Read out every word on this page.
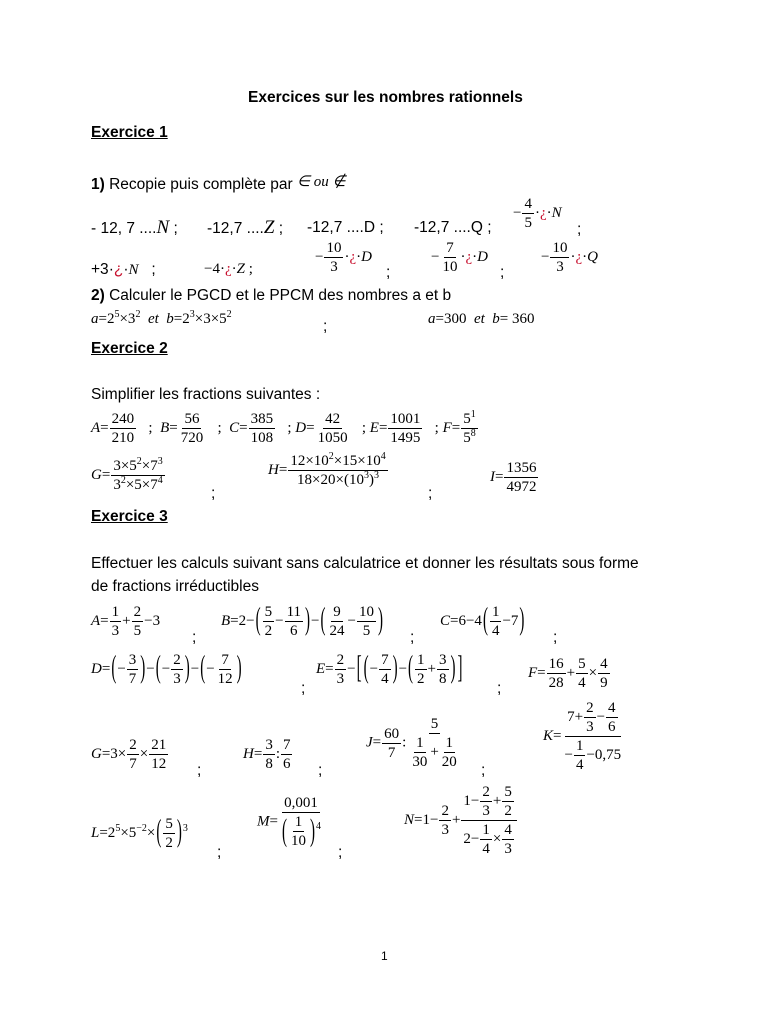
Exercices sur les nombres rationnels
Exercice 1
1) Recopie puis complète par ∈ ou ∉
- 12, 7 ....N ; -12,7 ....Z ; -12,7 ....D ; -12,7 ....Q ;
− $\frac{4}{5}$ ·¿·N
;
+3·¿·N   ;	−4·¿·Z ;
− $\frac{10}{3}$ ·¿·D
;
− $\frac{7}{10}$ ·¿·D
;
− $\frac{10}{3}$ ·¿·Q
2) Calculer le PGCD et le PPCM des nombres a et b
$a=2^5\times 3^2$  et  $b=2^3\times 3\times 5^2$
;	a=300  et  b= 360
Exercice 2
Simplifier les fractions suivantes :
$A= \frac{240}{210}$ ;  $B= \frac{56}{720}$ ;  $C= \frac{385}{108}$ ; $D= \frac{42}{1050}$ ; $E= \frac{1001}{1495}$ ; $F= \frac{5^1}{5^8}$
$G= \frac{3\times 5^2\times 7^3}{3^2\times 5\times 7^4}$
;
$H= \frac{12\times 10^2\times 15\times 10^4}{18\times 20\times(10^3)^3}$
;
$I= \frac{1356}{4972}$
Exercice 3
Effectuer les calculs suivant sans calculatrice et donner les résultats sous forme
de fractions irréductibles
$A= \frac{1}{3} + \frac{2}{5} -3$
;
$B=2-( \frac{5}{2} - \frac{11}{6}$ )−( $\frac{9}{24} - \frac{10}{5}$ )
;
$C=6-4( \frac{1}{4} -7)$
;
$D=(- \frac{3}{7}$ )−(− $\frac{2}{3}$ )−(− $\frac{7}{12}$ )
;
$E= \frac{2}{3}$ −[ (− $\frac{7}{4}$ )−( $\frac{1}{2} + \frac{3}{8}$ ) ]
;
$F= \frac{16}{28} + \frac{5}{4} \times \frac{4}{9}$
$G=3\times \frac{2}{7} \times \frac{21}{12}$ ;
$H= \frac{3}{8}$ : $\frac{7}{6}$ ;
$J= \frac{60}{7}$ : $\frac{5}{\frac{1}{30} + \frac{1}{20}}$
;
$K= \frac{7+ \frac{2}{3} - \frac{4}{6}}{- \frac{1}{4} -0,75}$
$L=2^5\times 5^{-2}\times( \frac{5}{2} )^3$
;
$M= \frac{0,001}{( \frac{1}{10} )^4}$
;
$N=1- \frac{2}{3} + \frac{1- \frac{2}{3} + \frac{5}{2}}{2- \frac{1}{4} \times \frac{4}{3}}$
1
